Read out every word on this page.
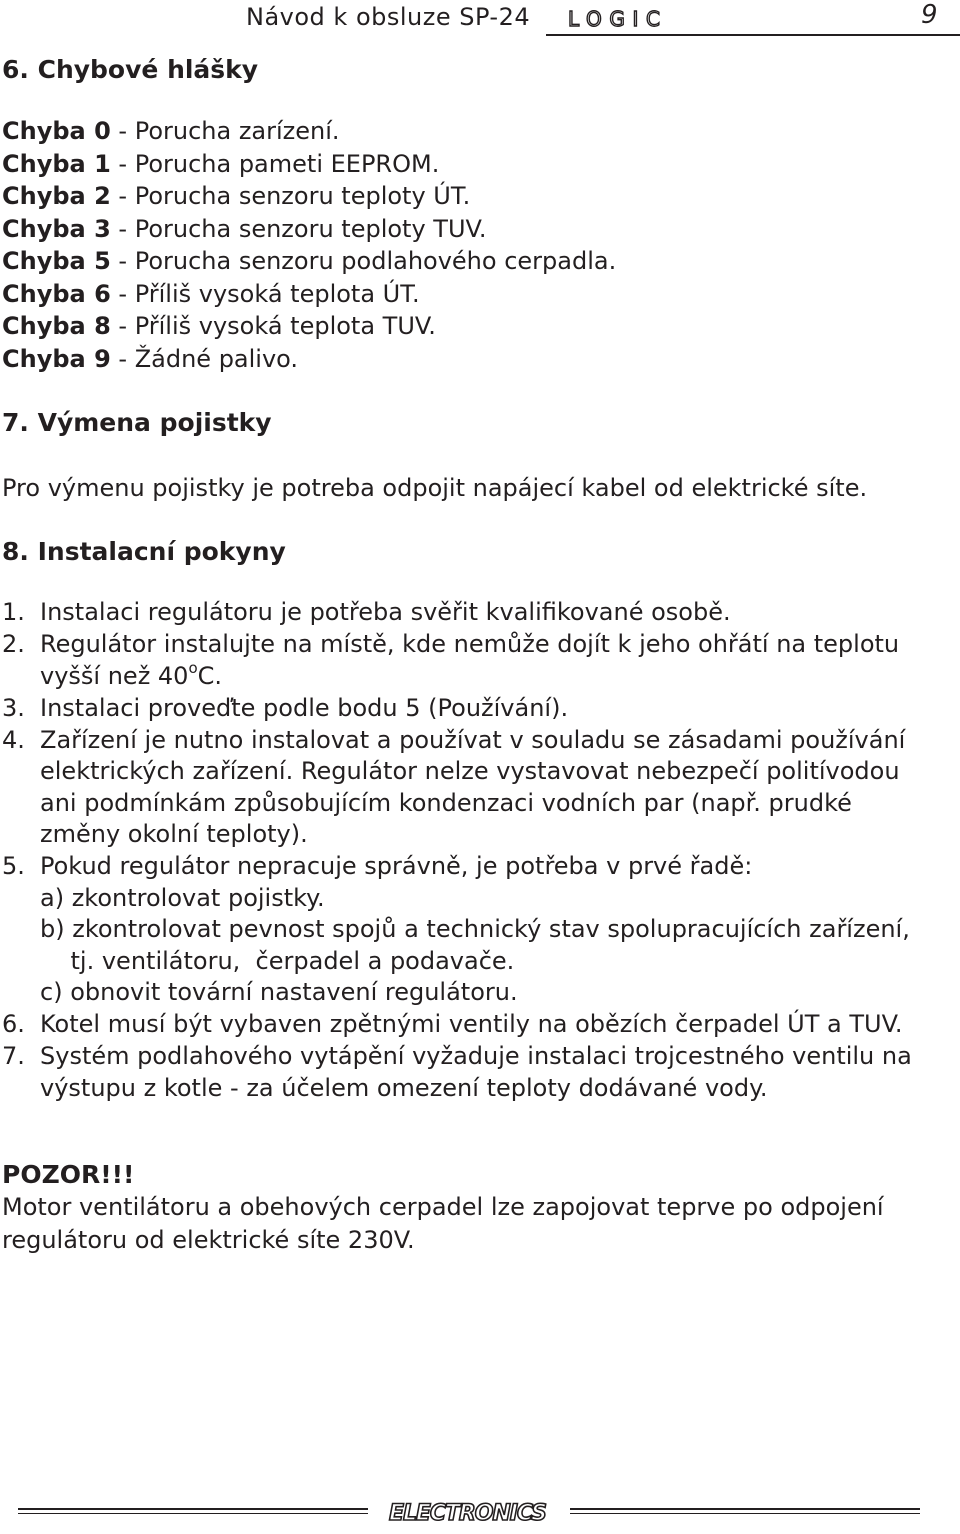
Návod k obsluze SP-24 LOGIC	9
6. Chybové hlášky
Chyba 0 - Porucha zarízení.
Chyba 1 - Porucha pameti EEPROM.
Chyba 2 - Porucha senzoru teploty ÚT.
Chyba 3 - Porucha senzoru teploty TUV.
Chyba 5 - Porucha senzoru podlahového cerpadla.
Chyba 6 - Příliš vysoká teplota ÚT.
Chyba 8 - Příliš vysoká teplota TUV.
Chyba 9 - Žádné palivo.
7. Výmena pojistky
Pro výmenu pojistky je potreba odpojit napájecí kabel od elektrické síte.
8. Instalacní pokyny
1. Instalaci regulátoru je potřeba svěřit kvalifikované osobě.
2. Regulátor instalujte na místě, kde nemůže dojít k jeho ohřátí na teplotu
vyšší než 40$^o$C.
3. Instalaci proveďte podle bodu 5 (Používání).
4. Zařízení je nutno instalovat a používat v souladu se zásadami používání
elektrických zařízení. Regulátor nelze vystavovat nebezpečí politívodou
ani podmínkám způsobujícím kondenzaci vodních par (např. prudké
změny okolní teploty).
5. Pokud regulátor nepracuje správně, je potřeba v prvé řadě:
a) zkontrolovat pojistky.
b) zkontrolovat pevnost spojů a technický stav spolupracujících zařízení,
tj. ventilátoru,  čerpadel a podavače.
c) obnovit tovární nastavení regulátoru.
6. Kotel musí být vybaven zpětnými ventily na obězích čerpadel ÚT a TUV.
7. Systém podlahového vytápění vyžaduje instalaci trojcestného ventilu na
výstupu z kotle - za účelem omezení teploty dodávané vody.
POZOR!!!
Motor ventilátoru a obehových cerpadel lze zapojovat teprve po odpojení
regulátoru od elektrické síte 230V.
ELECTRONICS
